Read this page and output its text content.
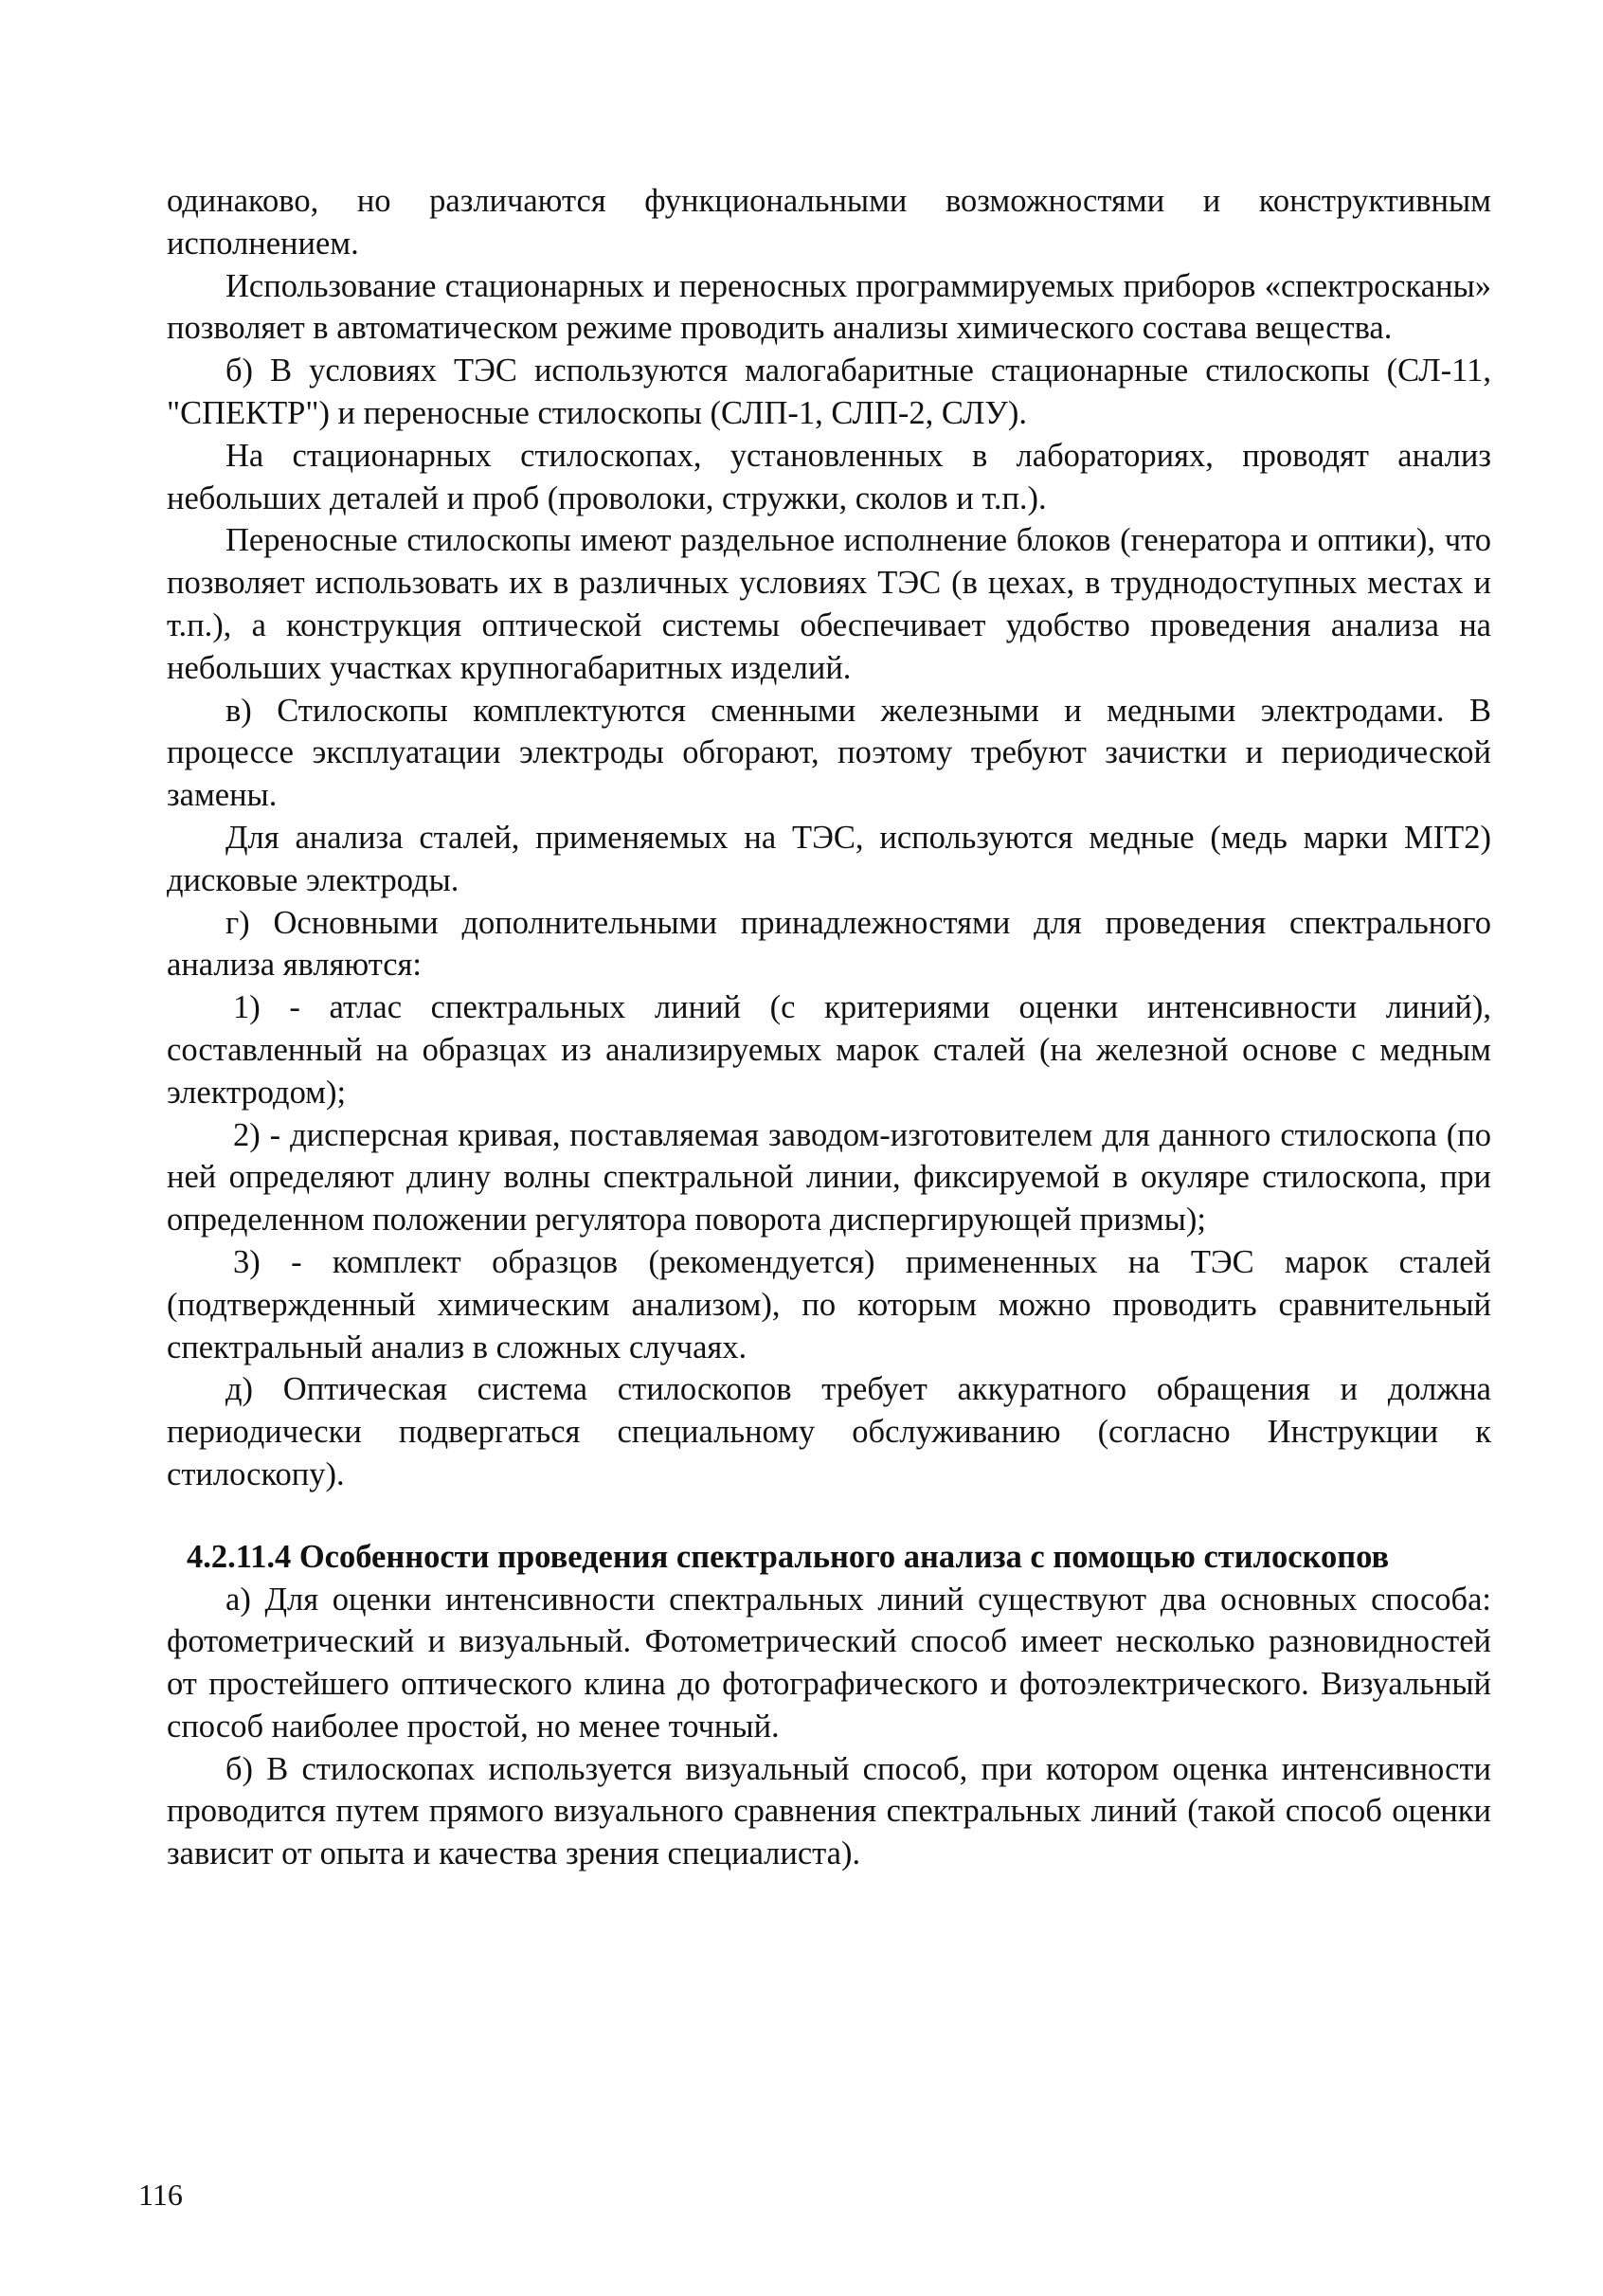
одинаково, но различаются функциональными возможностями и конструктивным исполнением.

Использование стационарных и переносных программируемых приборов «спектросканы» позволяет в автоматическом режиме проводить анализы химического состава вещества.

б) В условиях ТЭС используются малогабаритные стационарные стилоскопы (СЛ-11, "СПЕКТР") и переносные стилоскопы (СЛП-1, СЛП-2, СЛУ).

На стационарных стилоскопах, установленных в лабораториях, проводят анализ небольших деталей и проб (проволоки, стружки, сколов и т.п.).

Переносные стилоскопы имеют раздельное исполнение блоков (генератора и оптики), что позволяет использовать их в различных условиях ТЭС (в цехах, в труднодоступных местах и т.п.), а конструкция оптической системы обеспечивает удобство проведения анализа на небольших участках крупногабаритных изделий.

в) Стилоскопы комплектуются сменными железными и медными электродами. В процессе эксплуатации электроды обгорают, поэтому требуют зачистки и периодической замены.

Для анализа сталей, применяемых на ТЭС, используются медные (медь марки МIТ2) дисковые электроды.

г) Основными дополнительными принадлежностями для проведения спектрального анализа являются:

1) - атлас спектральных линий (с критериями оценки интенсивности линий), составленный на образцах из анализируемых марок сталей (на железной основе с медным электродом);

2) - дисперсная кривая, поставляемая заводом-изготовителем для данного стилоскопа (по ней определяют длину волны спектральной линии, фиксируемой в окуляре стилоскопа, при определенном положении регулятора поворота диспергирующей призмы);

3) - комплект образцов (рекомендуется) примененных на ТЭС марок сталей (подтвержденный химическим анализом), по которым можно проводить сравнительный спектральный анализ в сложных случаях.

д) Оптическая система стилоскопов требует аккуратного обращения и должна периодически подвергаться специальному обслуживанию (согласно Инструкции к стилоскопу).

4.2.11.4 Особенности проведения спектрального анализа с помощью стилоскопов

а) Для оценки интенсивности спектральных линий существуют два основных способа: фотометрический и визуальный. Фотометрический способ имеет несколько разновидностей от простейшего оптического клина до фотографического и фотоэлектрического. Визуальный способ наиболее простой, но менее точный.

б) В стилоскопах используется визуальный способ, при котором оценка интенсивности проводится путем прямого визуального сравнения спектральных линий (такой способ оценки зависит от опыта и качества зрения специалиста).

116
